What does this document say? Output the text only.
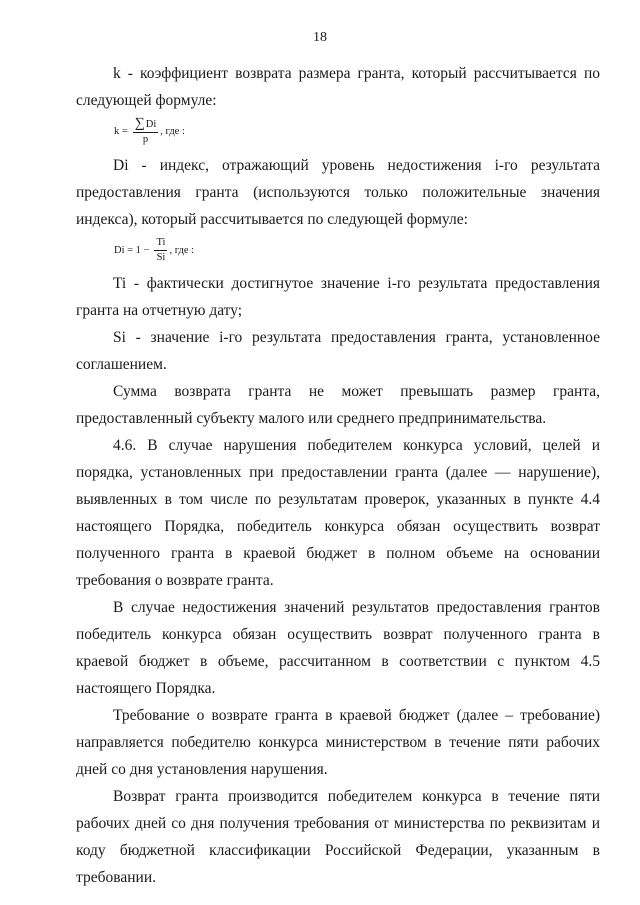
18

k - коэффициент возврата размера гранта, который рассчитывается по следующей формуле:

$k = \frac{\sum Di}{p}$ , где :

Di - индекс, отражающий уровень недостижения i-го результата предоставления гранта (используются только положительные значения индекса), который рассчитывается по следующей формуле:

$Di = 1 - \frac{Ti}{Si}$ , где :

Ti - фактически достигнутое значение i-го результата предоставления гранта на отчетную дату;

Si - значение i-го результата предоставления гранта, установленное соглашением.

Сумма возврата гранта не может превышать размер гранта, предоставленный субъекту малого или среднего предпринимательства.

4.6. В случае нарушения победителем конкурса условий, целей и порядка, установленных при предоставлении гранта (далее — нарушение), выявленных в том числе по результатам проверок, указанных в пункте 4.4 настоящего Порядка, победитель конкурса обязан осуществить возврат полученного гранта в краевой бюджет в полном объеме на основании требования о возврате гранта.

В случае недостижения значений результатов предоставления грантов победитель конкурса обязан осуществить возврат полученного гранта в краевой бюджет в объеме, рассчитанном в соответствии с пунктом 4.5 настоящего Порядка.

Требование о возврате гранта в краевой бюджет (далее – требование) направляется победителю конкурса министерством в течение пяти рабочих дней со дня установления нарушения.

Возврат гранта производится победителем конкурса в течение пяти рабочих дней со дня получения требования от министерства по реквизитам и коду бюджетной классификации Российской Федерации, указанным в требовании.
